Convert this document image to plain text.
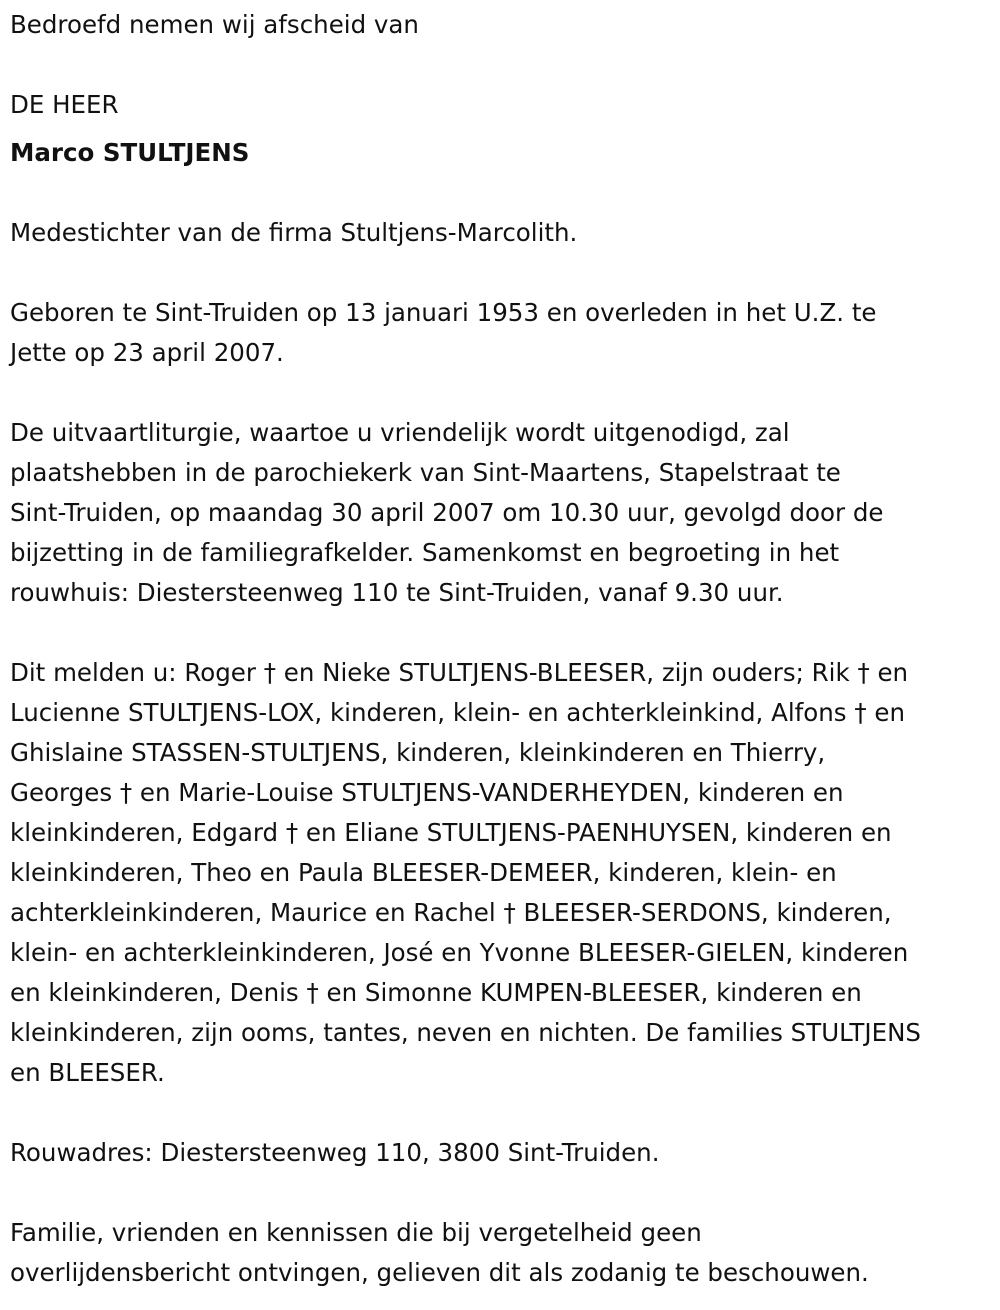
Bedroefd nemen wij afscheid van

DE HEER

Marco STULTJENS

Medestichter van de firma Stultjens-Marcolith.

Geboren te Sint-Truiden op 13 januari 1953 en overleden in het U.Z. te
Jette op 23 april 2007.

De uitvaartliturgie, waartoe u vriendelijk wordt uitgenodigd, zal
plaatshebben in de parochiekerk van Sint-Maartens, Stapelstraat te
Sint-Truiden, op maandag 30 april 2007 om 10.30 uur, gevolgd door de
bijzetting in de familiegrafkelder. Samenkomst en begroeting in het
rouwhuis: Diestersteenweg 110 te Sint-Truiden, vanaf 9.30 uur.

Dit melden u: Roger † en Nieke STULTJENS-BLEESER, zijn ouders; Rik † en
Lucienne STULTJENS-LOX, kinderen, klein- en achterkleinkind, Alfons † en
Ghislaine STASSEN-STULTJENS, kinderen, kleinkinderen en Thierry,
Georges † en Marie-Louise STULTJENS-VANDERHEYDEN, kinderen en
kleinkinderen, Edgard † en Eliane STULTJENS-PAENHUYSEN, kinderen en
kleinkinderen, Theo en Paula BLEESER-DEMEER, kinderen, klein- en
achterkleinkinderen, Maurice en Rachel † BLEESER-SERDONS, kinderen,
klein- en achterkleinkinderen, José en Yvonne BLEESER-GIELEN, kinderen
en kleinkinderen, Denis † en Simonne KUMPEN-BLEESER, kinderen en
kleinkinderen, zijn ooms, tantes, neven en nichten. De families STULTJENS
en BLEESER.

Rouwadres: Diestersteenweg 110, 3800 Sint-Truiden.

Familie, vrienden en kennissen die bij vergetelheid geen
overlijdensbericht ontvingen, gelieven dit als zodanig te beschouwen.
